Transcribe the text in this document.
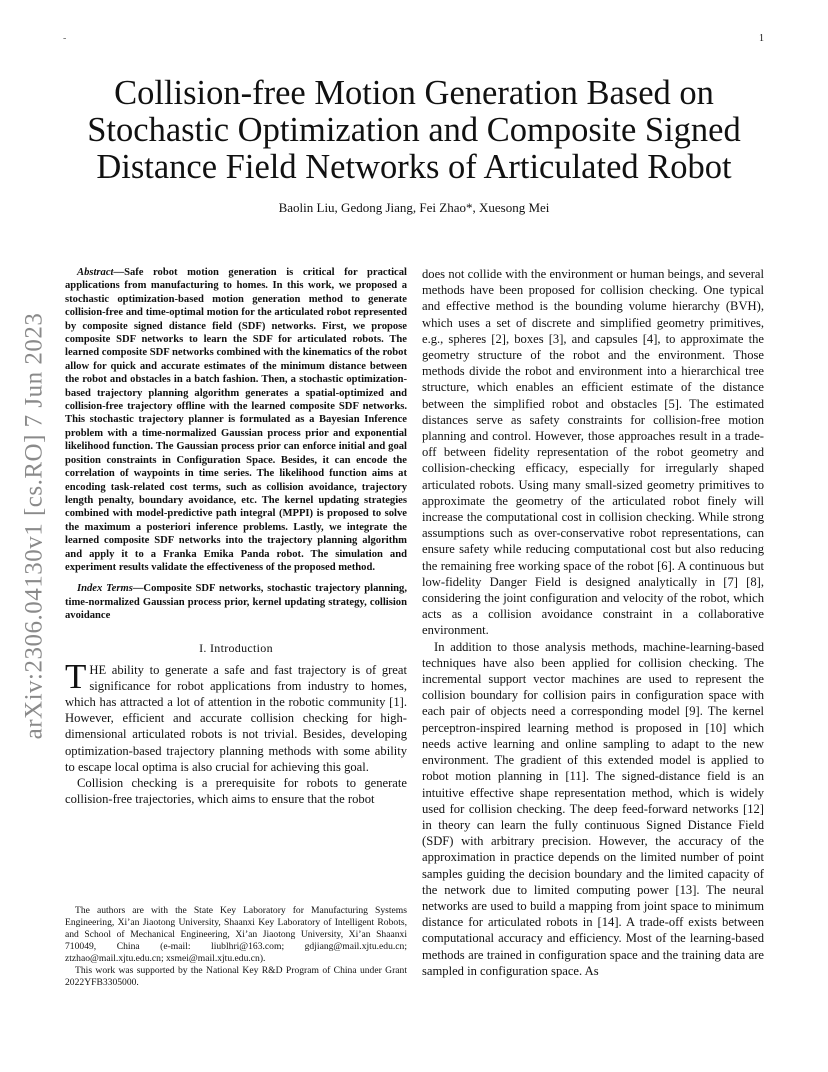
-	1
arXiv:2306.04130v1 [cs.RO] 7 Jun 2023
Collision-free Motion Generation Based on
Stochastic Optimization and Composite Signed
Distance Field Networks of Articulated Robot

Baolin Liu, Gedong Jiang, Fei Zhao*, Xuesong Mei

Abstract—Safe robot motion generation is critical for practical applications from manufacturing to homes. In this work, we proposed a stochastic optimization-based motion generation method to generate collision-free and time-optimal motion for the articulated robot represented by composite signed distance field (SDF) networks. First, we propose composite SDF networks to learn the SDF for articulated robots. The learned composite SDF networks combined with the kinematics of the robot allow for quick and accurate estimates of the minimum distance between the robot and obstacles in a batch fashion. Then, a stochastic optimization-based trajectory planning algorithm generates a spatial-optimized and collision-free trajectory offline with the learned composite SDF networks. This stochastic trajectory planner is formulated as a Bayesian Inference problem with a time-normalized Gaussian process prior and exponential likelihood function. The Gaussian process prior can enforce initial and goal position constraints in Configuration Space. Besides, it can encode the correlation of waypoints in time series. The likelihood function aims at encoding task-related cost terms, such as collision avoidance, trajectory length penalty, boundary avoidance, etc. The kernel updating strategies combined with model-predictive path integral (MPPI) is proposed to solve the maximum a posteriori inference problems. Lastly, we integrate the learned composite SDF networks into the trajectory planning algorithm and apply it to a Franka Emika Panda robot. The simulation and experiment results validate the effectiveness of the proposed method.

Index Terms—Composite SDF networks, stochastic trajectory planning, time-normalized Gaussian process prior, kernel updating strategy, collision avoidance

I. Introduction

THE ability to generate a safe and fast trajectory is of great significance for robot applications from industry to homes, which has attracted a lot of attention in the robotic community [1]. However, efficient and accurate collision checking for high-dimensional articulated robots is not trivial. Besides, developing optimization-based trajectory planning methods with some ability to escape local optima is also crucial for achieving this goal.

Collision checking is a prerequisite for robots to generate collision-free trajectories, which aims to ensure that the robot

The authors are with the State Key Laboratory for Manufacturing Systems Engineering, Xi’an Jiaotong University, Shaanxi Key Laboratory of Intelligent Robots, and School of Mechanical Engineering, Xi’an Jiaotong University, Xi’an Shaanxi 710049, China (e-mail: liublhri@163.com; gdjiang@mail.xjtu.edu.cn; ztzhao@mail.xjtu.edu.cn; xsmei@mail.xjtu.edu.cn).

This work was supported by the National Key R&D Program of China under Grant 2022YFB3305000.

does not collide with the environment or human beings, and several methods have been proposed for collision checking. One typical and effective method is the bounding volume hierarchy (BVH), which uses a set of discrete and simplified geometry primitives, e.g., spheres [2], boxes [3], and capsules [4], to approximate the geometry structure of the robot and the environment. Those methods divide the robot and environment into a hierarchical tree structure, which enables an efficient estimate of the distance between the simplified robot and obstacles [5]. The estimated distances serve as safety constraints for collision-free motion planning and control. However, those approaches result in a trade-off between fidelity representation of the robot geometry and collision-checking efficacy, especially for irregularly shaped articulated robots. Using many small-sized geometry primitives to approximate the geometry of the articulated robot finely will increase the computational cost in collision checking. While strong assumptions such as over-conservative robot representations, can ensure safety while reducing computational cost but also reducing the remaining free working space of the robot [6]. A continuous but low-fidelity Danger Field is designed analytically in [7] [8], considering the joint configuration and velocity of the robot, which acts as a collision avoidance constraint in a collaborative environment.

In addition to those analysis methods, machine-learning-based techniques have also been applied for collision checking. The incremental support vector machines are used to represent the collision boundary for collision pairs in configuration space with each pair of objects need a corresponding model [9]. The kernel perceptron-inspired learning method is proposed in [10] which needs active learning and online sampling to adapt to the new environment. The gradient of this extended model is applied to robot motion planning in [11]. The signed-distance field is an intuitive effective shape representation method, which is widely used for collision checking. The deep feed-forward networks [12] in theory can learn the fully continuous Signed Distance Field (SDF) with arbitrary precision. However, the accuracy of the approximation in practice depends on the limited number of point samples guiding the decision boundary and the limited capacity of the network due to limited computing power [13]. The neural networks are used to build a mapping from joint space to minimum distance for articulated robots in [14]. A trade-off exists between computational accuracy and efficiency. Most of the learning-based methods are trained in configuration space and the training data are sampled in configuration space. As
